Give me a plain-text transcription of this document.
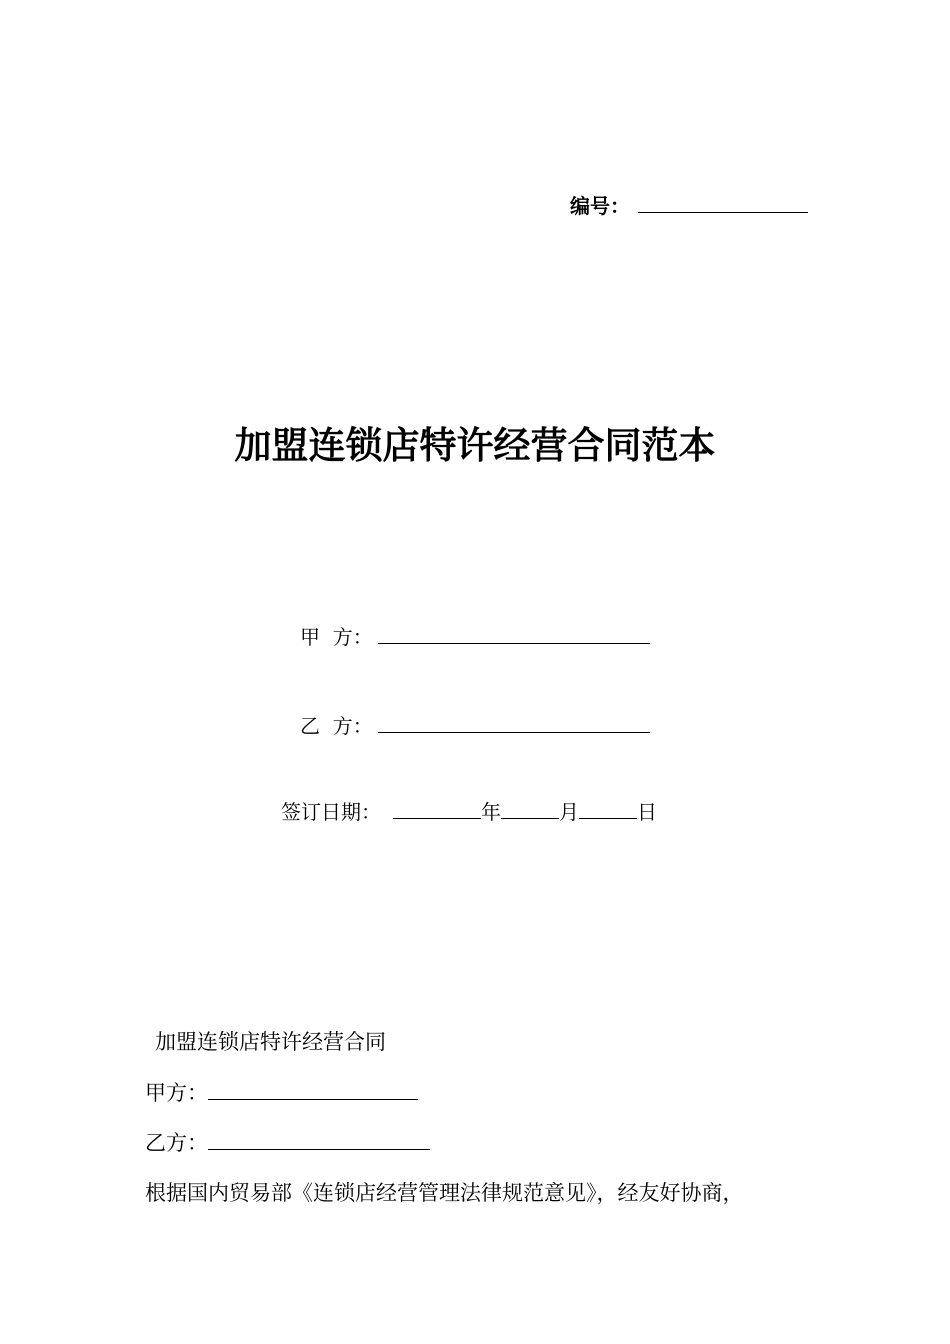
编号：
加盟连锁店特许经营合同范本
甲  方：
乙  方：
签订日期：	年	月	日
加盟连锁店特许经营合同
甲方：
乙方：
根据国内贸易部《连锁店经营管理法律规范意见》，经友好协商，
